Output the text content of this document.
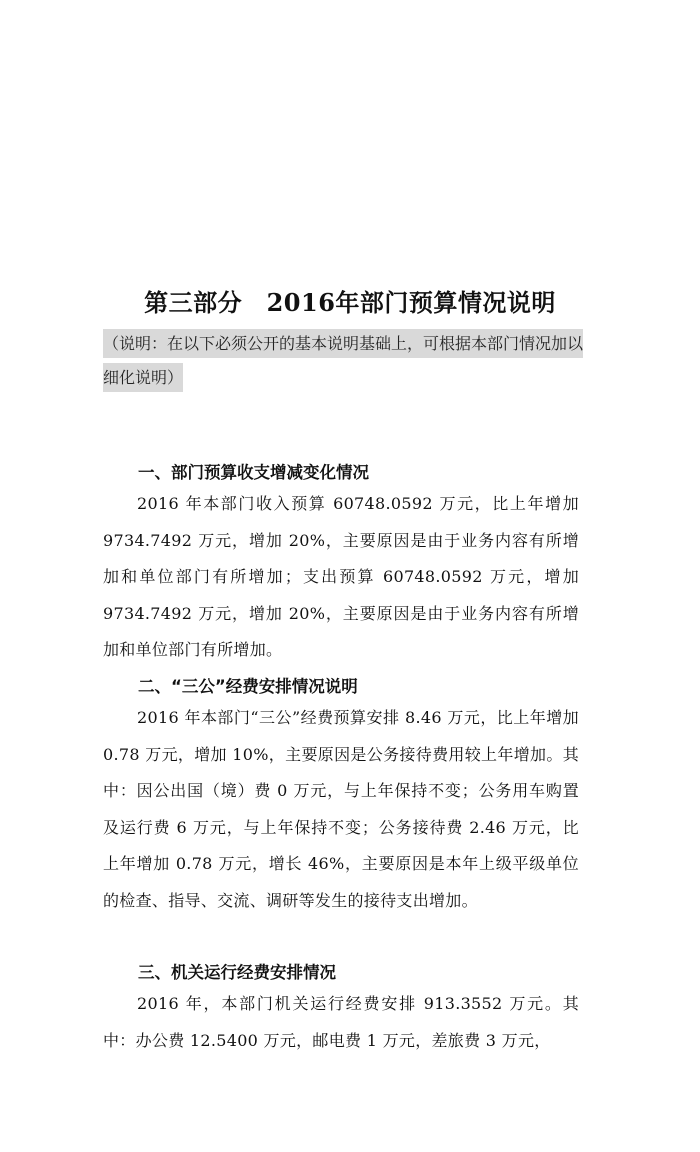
第三部分　2016年部门预算情况说明
（说明：在以下必须公开的基本说明基础上，可根据本部门情况加以细化说明）
一、部门预算收支增减变化情况
2016 年本部门收入预算 60748.0592 万元，比上年增加 9734.7492 万元，增加 20%，主要原因是由于业务内容有所增加和单位部门有所增加；支出预算 60748.0592 万元，增加 9734.7492 万元，增加 20%，主要原因是由于业务内容有所增加和单位部门有所增加。
二、“三公”经费安排情况说明
2016 年本部门“三公”经费预算安排 8.46 万元，比上年增加 0.78 万元，增加 10%，主要原因是公务接待费用较上年增加。其中：因公出国（境）费 0 万元，与上年保持不变；公务用车购置及运行费 6 万元，与上年保持不变；公务接待费 2.46 万元，比上年增加 0.78 万元，增长 46%，主要原因是本年上级平级单位的检查、指导、交流、调研等发生的接待支出增加。
三、机关运行经费安排情况
2016 年，本部门机关运行经费安排 913.3552 万元。其中：办公费 12.5400 万元，邮电费 1 万元，差旅费 3 万元，
